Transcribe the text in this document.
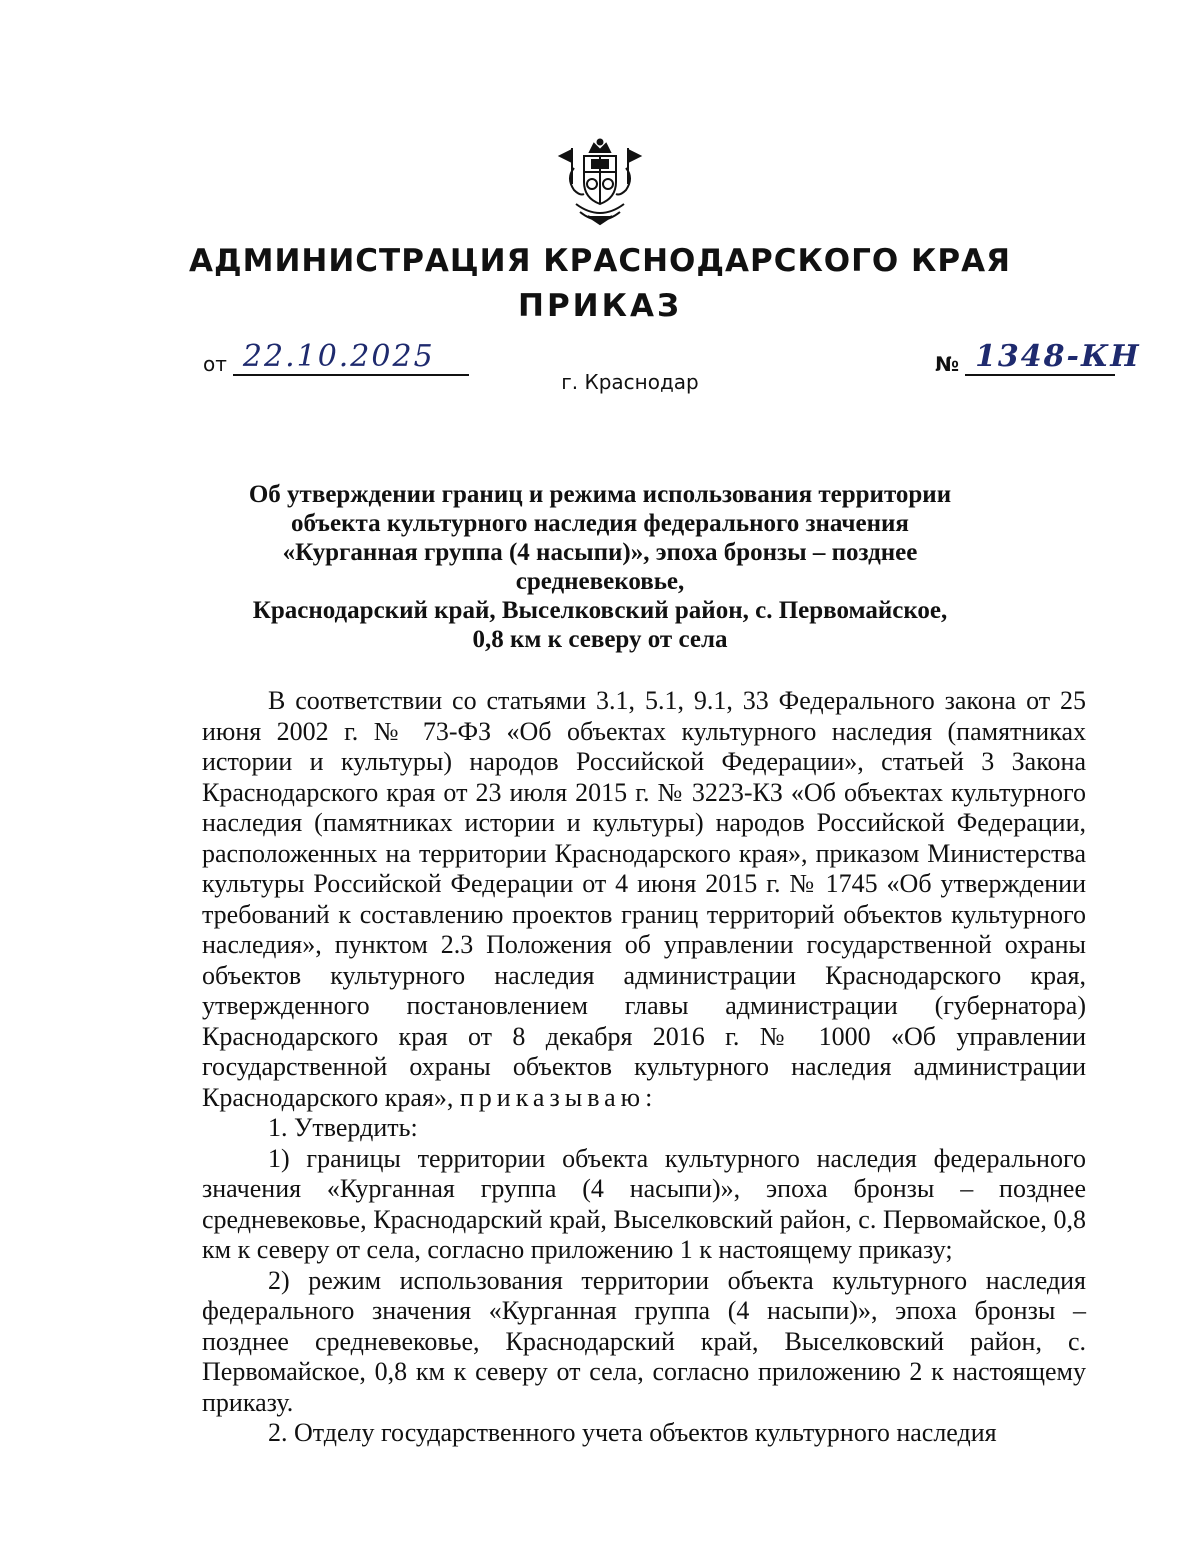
АДМИНИСТРАЦИЯ КРАСНОДАРСКОГО КРАЯ
ПРИКАЗ
от 22.10.2025	№ 1348-КН
г. Краснодар
Об утверждении границ и режима использования территории
объекта культурного наследия федерального значения
«Курганная группа (4 насыпи)», эпоха бронзы – позднее средневековье,
Краснодарский край, Выселковский район, с. Первомайское,
0,8 км к северу от села

В соответствии со статьями 3.1, 5.1, 9.1, 33 Федерального закона от 25 июня 2002 г. № 73-ФЗ «Об объектах культурного наследия (памятниках истории и культуры) народов Российской Федерации», статьей 3 Закона Краснодарского края от 23 июля 2015 г. № 3223-КЗ «Об объектах культурного наследия (памятниках истории и культуры) народов Российской Федерации, расположенных на территории Краснодарского края», приказом Министерства культуры Российской Федерации от 4 июня 2015 г. № 1745 «Об утверждении требований к составлению проектов границ территорий объектов культурного наследия», пунктом 2.3 Положения об управлении государственной охраны объектов культурного наследия администрации Краснодарского края, утвержденного постановлением главы администрации (губернатора) Краснодарского края от 8 декабря 2016 г. № 1000 «Об управлении государственной охраны объектов культурного наследия администрации Краснодарского края», приказываю:

1. Утвердить:

1) границы территории объекта культурного наследия федерального значения «Курганная группа (4 насыпи)», эпоха бронзы – позднее средневековье, Краснодарский край, Выселковский район, с. Первомайское, 0,8 км к северу от села, согласно приложению 1 к настоящему приказу;

2) режим использования территории объекта культурного наследия федерального значения «Курганная группа (4 насыпи)», эпоха бронзы – позднее средневековье, Краснодарский край, Выселковский район, с. Первомайское, 0,8 км к северу от села, согласно приложению 2 к настоящему приказу.

2. Отделу государственного учета объектов культурного наследия
